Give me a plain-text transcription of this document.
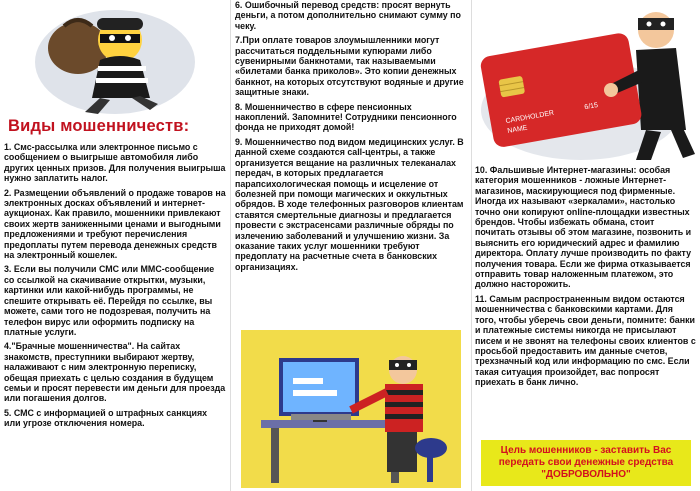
Виды мошенничеств:

1. Смс-рассылка или электронное письмо с сообщением о выигрыше автомобиля либо других ценных призов. Для получения выигрыша нужно заплатить налог.

2. Размещении объявлений о продаже товаров на электронных досках объявлений и интернет-аукционах. Как правило, мошенники привлекают своих жертв заниженными ценами и выгодными предложениями и требуют перечисления предоплаты путем перевода денежных средств на электронный кошелек.

3. Если вы получили СМС или ММС-сообщение со ссылкой на скачивание открытки, музыки, картинки или какой-нибудь программы, не спешите открывать её. Перейдя по ссылке, вы можете, сами того не подозревая, получить на телефон вирус или оформить подписку на платные услуги.

4."Брачные мошенничества". На сайтах знакомств, преступники выбирают жертву, налаживают с ним электронную переписку, обещая приехать с целью создания в будущем семьи и просят перевести им деньги для проезда или погашения долгов.

5. СМС с информацией о штрафных санкциях или угрозе отключения номера.

6. Ошибочный перевод средств: просят вернуть деньги, а потом дополнительно снимают сумму по чеку.

7.При оплате товаров злоумышленники могут рассчитаться поддельными купюрами либо сувенирными банкнотами, так называемыми «билетами банка приколов». Это копии денежных банкнот, на которых отсутствуют водяные и другие защитные знаки.

8. Мошенничество в сфере пенсионных накоплений. Запомните! Сотрудники пенсионного фонда не приходят домой!

9. Мошенничество под видом медицинских услуг. В данной схеме создаются call-центры, а также организуется вещание на различных телеканалах передач, в которых предлагается парапсихологическая помощь и исцеление от болезней при помощи магических и оккультных обрядов. В ходе телефонных разговоров клиентам ставятся смертельные диагнозы и предлагается провести с экстрасенсами различные обряды по излечению заболеваний и улучшению жизни. За оказание таких услуг мошенники требуют предоплату на расчетные счета в банковских организациях.

CARDHOLDER
NAME
6/15

10. Фальшивые Интернет-магазины: особая категория мошенников - ложные Интернет-магазинов, маскирующиеся под фирменные. Иногда их называют «зеркалами», настолько точно они копируют online-площадки известных брендов. Чтобы избежать обмана, стоит почитать отзывы об этом магазине, позвонить и выяснить его юридический адрес и фамилию директора. Оплату лучше производить по факту получения товара. Если же фирма отказывается отправить товар наложенным платежом, это должно насторожить.

11. Самым распространенным видом остаются мошенничества с банковскими картами. Для того, чтобы уберечь свои деньги, помните: банки и платежные системы никогда не присылают писем и не звонят на телефоны своих клиентов с просьбой предоставить им данные счетов, трехзначный код или информацию по смс. Если такая ситуация произойдет, вас попросят приехать в банк лично.

Цель мошенников - заставить Вас передать свои денежные средства "ДОБРОВОЛЬНО"
